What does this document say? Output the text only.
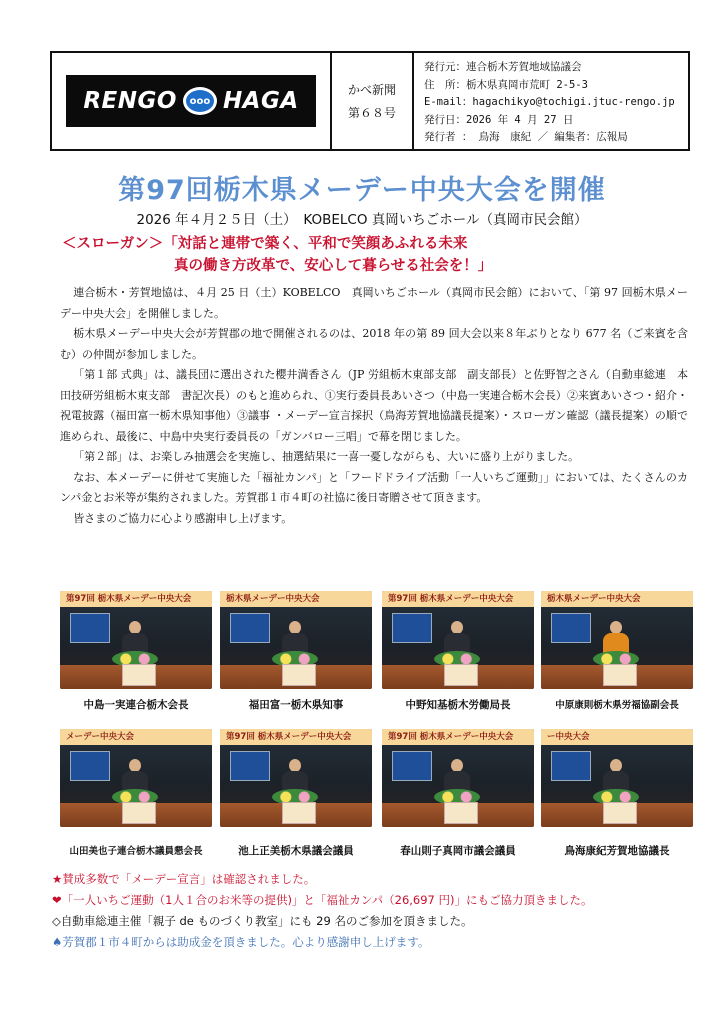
RENGO	ooo HAGA	かべ新聞
第６８号
発行元：連合栃木芳賀地域協議会
住　所：栃木県真岡市荒町 2-5-3
E-mail：hagachikyo@tochigi.jtuc-rengo.jp
発行日：2026 年 4 月 27 日
発行者 ： 鳥海　康紀 ／ 編集者：広報局
第97回栃木県メーデー中央大会を開催
2026 年４月２５日（土）　KOBELCO 真岡いちごホール（真岡市民会館）
＜スローガン＞「対話と連帯で築く、平和で笑顔あふれる未来
真の働き方改革で、安心して暮らせる社会を！」

連合栃木・芳賀地協は、４月 25 日（土）KOBELCO　真岡いちごホール（真岡市民会館）において、「第 97 回栃木県メーデー中央大会」を開催しました。

栃木県メーデー中央大会が芳賀郡の地で開催されるのは、2018 年の第 89 回大会以来８年ぶりとなり 677 名（ご来賓を含む）の仲間が参加しました。

「第１部 式典」は、議長団に選出された櫻井満香さん（JP 労組栃木東部支部　副支部長）と佐野智之さん（自動車総連　本田技研労組栃木東支部　書記次長）のもと進められ、①実行委員長あいさつ（中島一実連合栃木会長）②来賓あいさつ・紹介・祝電披露（福田富一栃木県知事他）③議事 ・メーデー宣言採択（鳥海芳賀地協議長提案）・スローガン確認（議長提案）の順で進められ、最後に、中島中央実行委員長の「ガンバロー三唱」で幕を閉じました。

「第２部」は、お楽しみ抽選会を実施し、抽選結果に一喜一憂しながらも、大いに盛り上がりました。

なお、本メーデーに併せて実施した「福祉カンパ」と「フードドライブ活動「一人いちご運動」」においては、たくさんのカンパ金とお米等が集約されました。芳賀郡１市４町の社協に後日寄贈させて頂きます。

皆さまのご協力に心より感謝申し上げます。

第97回 栃木県メーデー中央大会
中島一実連合栃木会長
栃木県メーデー中央大会
福田富一栃木県知事
第97回 栃木県メーデー中央大会
中野知基栃木労働局長
栃木県メーデー中央大会
中原康則栃木県労福協副会長
メーデー中央大会
山田美也子連合栃木議員懇会長
第97回 栃木県メーデー中央大会
池上正美栃木県議会議員
第97回 栃木県メーデー中央大会
春山則子真岡市議会議員
ー中央大会
鳥海康紀芳賀地協議長
★賛成多数で「メーデー宣言」は確認されました。
❤「一人いちご運動（1人１合のお米等の提供)」と「福祉カンパ（26,697 円)」にもご協力頂きました。
◇自動車総連主催「親子 de ものづくり教室」にも 29 名のご参加を頂きました。
♠芳賀郡１市４町からは助成金を頂きました。心より感謝申し上げます。
